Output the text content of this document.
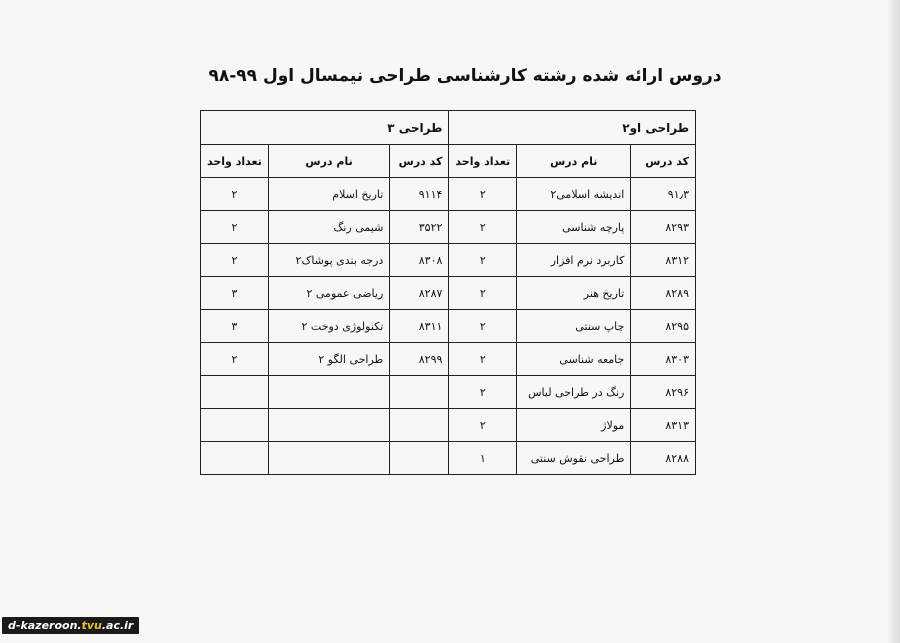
دروس ارائه شده رشته کارشناسی طراحی نیمسال اول ۹۹-۹۸
طراحی او۲			طراحی ۳		
کد درس	نام درس	تعداد واحد	کد درس	نام درس	تعداد واحد
۹۱٫۳	اندیشه اسلامی۲	۲	۹۱۱۴	تاریخ اسلام	۲
۸۲۹۳	پارچه شناسی	۲	۳۵۲۲	شیمی رنگ	۲
۸۳۱۲	کاربرد نرم افزار	۲	۸۳۰۸	درجه بندی پوشاک۲	۲
۸۲۸۹	تاریخ هنر	۲	۸۲۸۷	ریاضی عمومی ۲	۳
۸۲۹۵	چاپ سنتی	۲	۸۳۱۱	تکنولوژی دوخت ۲	۳
۸۳۰۳	جامعه شناسی	۲	۸۲۹۹	طراحی الگو ۲	۲
۸۲۹۶	رنگ در طراحی لباس	۲			
۸۳۱۳	مولاژ	۲			
۸۲۸۸	طراحی نقوش سنتی	۱			
d-kazeroon.tvu.ac.ir
